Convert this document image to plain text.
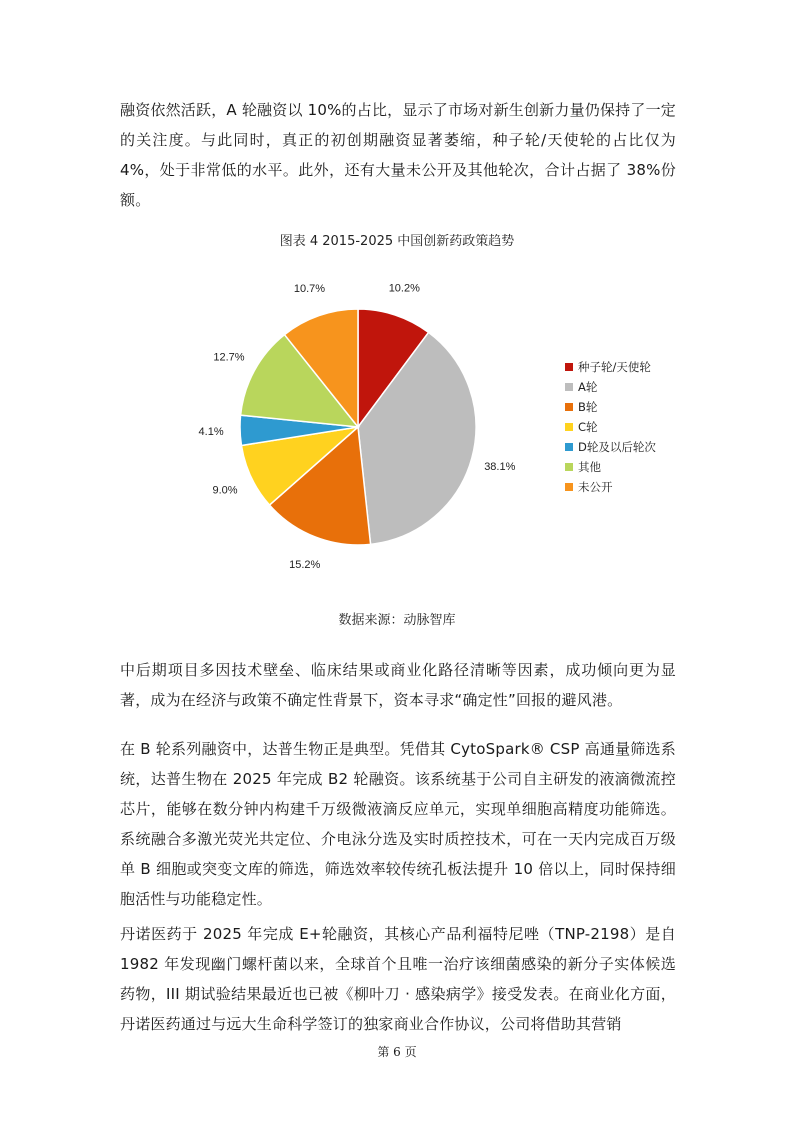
融资依然活跃，A 轮融资以 10%的占比，显示了市场对新生创新力量仍保持了一定的关注度。与此同时，真正的初创期融资显著萎缩，种子轮/天使轮的占比仅为 4%，处于非常低的水平。此外，还有大量未公开及其他轮次，合计占据了 38%份额。

图表 4 2015-2025 中国创新药政策趋势

10.2%
38.1%
15.2%
9.0%
4.1%
12.7%
10.7%
种子轮/天使轮
A轮
B轮
C轮
D轮及以后轮次
其他
未公开

数据来源：动脉智库

中后期项目多因技术壁垒、临床结果或商业化路径清晰等因素，成功倾向更为显著，成为在经济与政策不确定性背景下，资本寻求“确定性”回报的避风港。

在 B 轮系列融资中，达普生物正是典型。凭借其 CytoSpark® CSP 高通量筛选系统，达普生物在 2025 年完成 B2 轮融资。该系统基于公司自主研发的液滴微流控芯片，能够在数分钟内构建千万级微液滴反应单元，实现单细胞高精度功能筛选。系统融合多激光荧光共定位、介电泳分选及实时质控技术，可在一天内完成百万级单 B 细胞或突变文库的筛选，筛选效率较传统孔板法提升 10 倍以上，同时保持细胞活性与功能稳定性。

丹诺医药于 2025 年完成 E+轮融资，其核心产品利福特尼唑（TNP-2198）是自 1982 年发现幽门螺杆菌以来，全球首个且唯一治疗该细菌感染的新分子实体候选药物，III 期试验结果最近也已被《柳叶刀 · 感染病学》接受发表。在商业化方面，丹诺医药通过与远大生命科学签订的独家商业合作协议，公司将借助其营销

第 6 页
